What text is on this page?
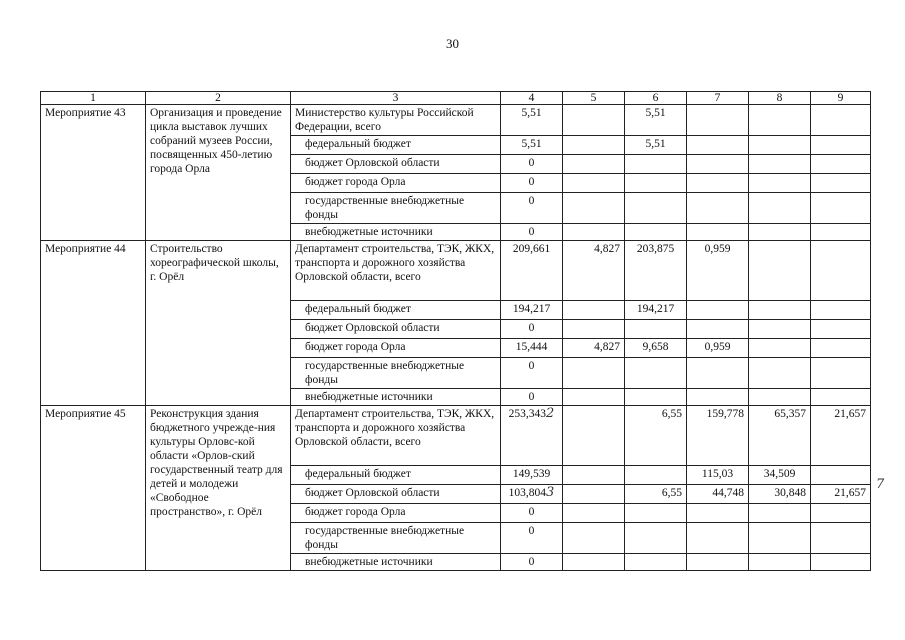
30
1	2	3	4	5	6	7	8	9
Мероприятие 43	Организация и проведение цикла выставок лучших собраний музеев России, посвященных 450-летию города Орла	Министерство культуры Российской Федерации, всего	5,51		5,51			
		федеральный бюджет	5,51		5,51			
		бюджет Орловской области	0					
		бюджет города Орла	0					
		государственные внебюджетные фонды	0					
		внебюджетные источники	0					
Мероприятие 44	Строительство хореографической школы, г. Орёл	Департамент строительства, ТЭК, ЖКХ, транспорта и дорожного хозяйства Орловской области, всего	209,661	4,827	203,875	0,959		
		федеральный бюджет	194,217		194,217			
		бюджет Орловской области	0					
		бюджет города Орла	15,444	4,827	9,658	0,959		
		государственные внебюджетные фонды	0					
		внебюджетные источники	0					
Мероприятие 45	Реконструкция здания бюджетного учрежде-ния культуры Орловс-кой области «Орлов-ский государственный театр для детей и молодежи «Свободное пространство», г. Орёл	Департамент строительства, ТЭК, ЖКХ, транспорта и дорожного хозяйства Орловской области, всего	253,3432		6,55	159,778	65,357	21,657
		федеральный бюджет	149,539			115,03	34,509	
		бюджет Орловской области	103,8043		6,55	44,748	30,848	21,657
		бюджет города Орла	0					
		государственные внебюджетные фонды	0					
		внебюджетные источники	0					
7
